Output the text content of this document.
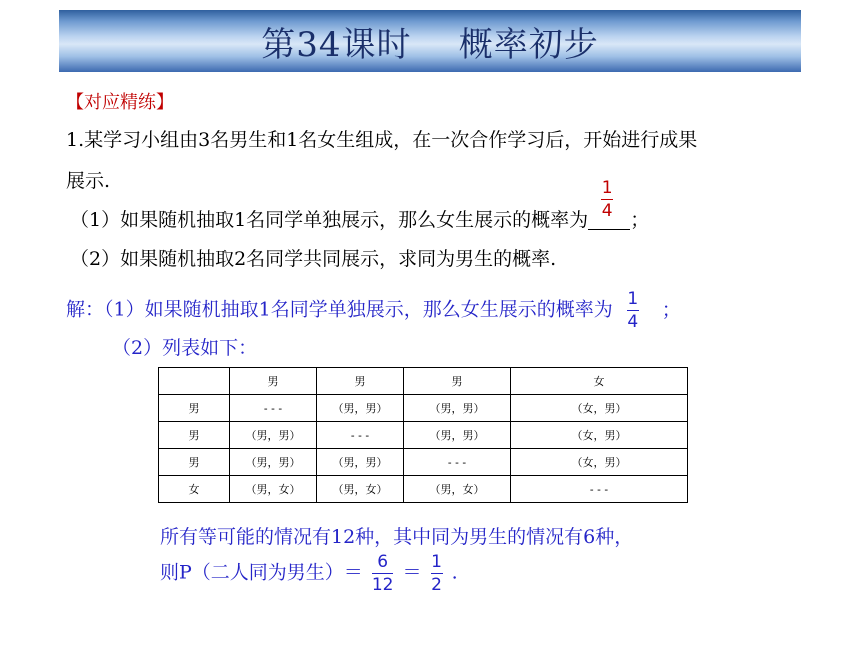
第34课时    概率初步
【对应精练】
1.某学习小组由3名男生和1名女生组成，在一次合作学习后，开始进行成果
展示.
（1）如果随机抽取1名同学单独展示，那么女生展示的概率为
1
4 ；
（2）如果随机抽取2名同学共同展示，求同为男生的概率.
解：（1）如果随机抽取1名同学单独展示，那么女生展示的概率为 $\frac{1}{4}$ ；
（2）列表如下：
	男	男	男	女
男	- - -	（男，男）	（男，男）	（女，男）
男	（男，男）	- - -	（男，男）	（女，男）
男	（男，男）	（男，男）	- - -	（女，男）
女	（男，女）	（男，女）	（男，女）	- - -
所有等可能的情况有12种，其中同为男生的情况有6种，
则P（二人同为男生）＝ $\frac{6}{12} = \frac{1}{2}$ .
